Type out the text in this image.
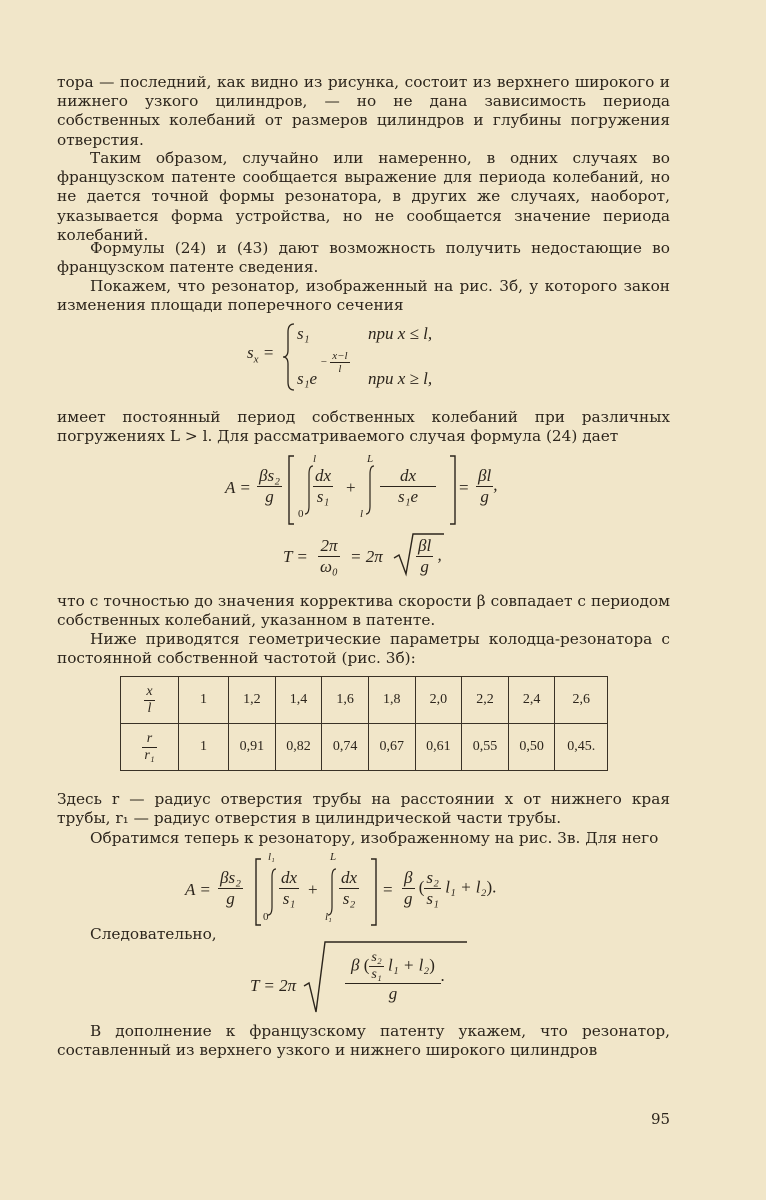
тора — последний, как видно из рисунка, состоит из верхнего широкого и нижнего узкого цилиндров, — но не дана зависимость периода собственных колебаний от размеров цилиндров и глубины погружения отверстия.

Таким образом, случайно или намеренно, в одних случаях во французском патенте сообщается выражение для периода колебаний, но не дается точной формы резонатора, в других же случаях, наоборот, указывается форма устройства, но не сообщается значение периода колебаний.

Формулы (24) и (43) дают возможность получить недостающие во французском патенте сведения.

Покажем, что резонатор, изображенный на рис. 3б, у которого закон изменения площади поперечного сечения

$s_x$ =
s₁	при x ≤ l,
s₁e
− $\frac{x-l}{l}$
при x ≥ l,

имеет постоянный период собственных колебаний при различных погружениях L > l. Для рассматриваемого случая формула (24) дает

$A = \frac{\text{βs₂}}{g}$
l
0
$\frac{dx}{\text{s₁}}$ +
L
l
$\frac{dx}{\text{s₁e}} = \frac{\beta l}{g}$ ,
$T = \frac{2\pi}{\text{ω₀}} = 2\pi \frac{\beta l}{g}$ ,

что с точностью до значения корректива скорости β совпадает с периодом собственных колебаний, указанном в патенте.

Ниже приводятся геометрические параметры колодца-резонатора с постоянной собственной частотой (рис. 3б):

$\frac{x}{l}$	1	1,2	1,4	1,6	1,8	2,0	2,2	2,4	2,6

$\frac{r}{\text{r₁}}$	1	0,91	0,82	0,74	0,67	0,61	0,55	0,50	0,45.

Здесь r — радиус отверстия трубы на расстоянии x от нижнего края трубы, r₁ — радиус отверстия в цилиндрической части трубы.

Обратимся теперь к резонатору, изображенному на рис. 3в. Для него

$A = \frac{\text{βs₂}}{g}$
l₁
0
$\frac{dx}{\text{s₁}}$ +
L
l₁
$\frac{dx}{\text{s₂}} = \frac{\beta}{g}$ ( $\frac{\text{s₂}}{\text{s₁}} l_1 + l_2$).

Следовательно,

T = 2π	$\frac{\beta ( \frac{\text{s₂}}{\text{s₁}} l_1 + l_2)}{g}$ .

В дополнение к французскому патенту укажем, что резонатор, составленный из верхнего узкого и нижнего широкого цилиндров

95
